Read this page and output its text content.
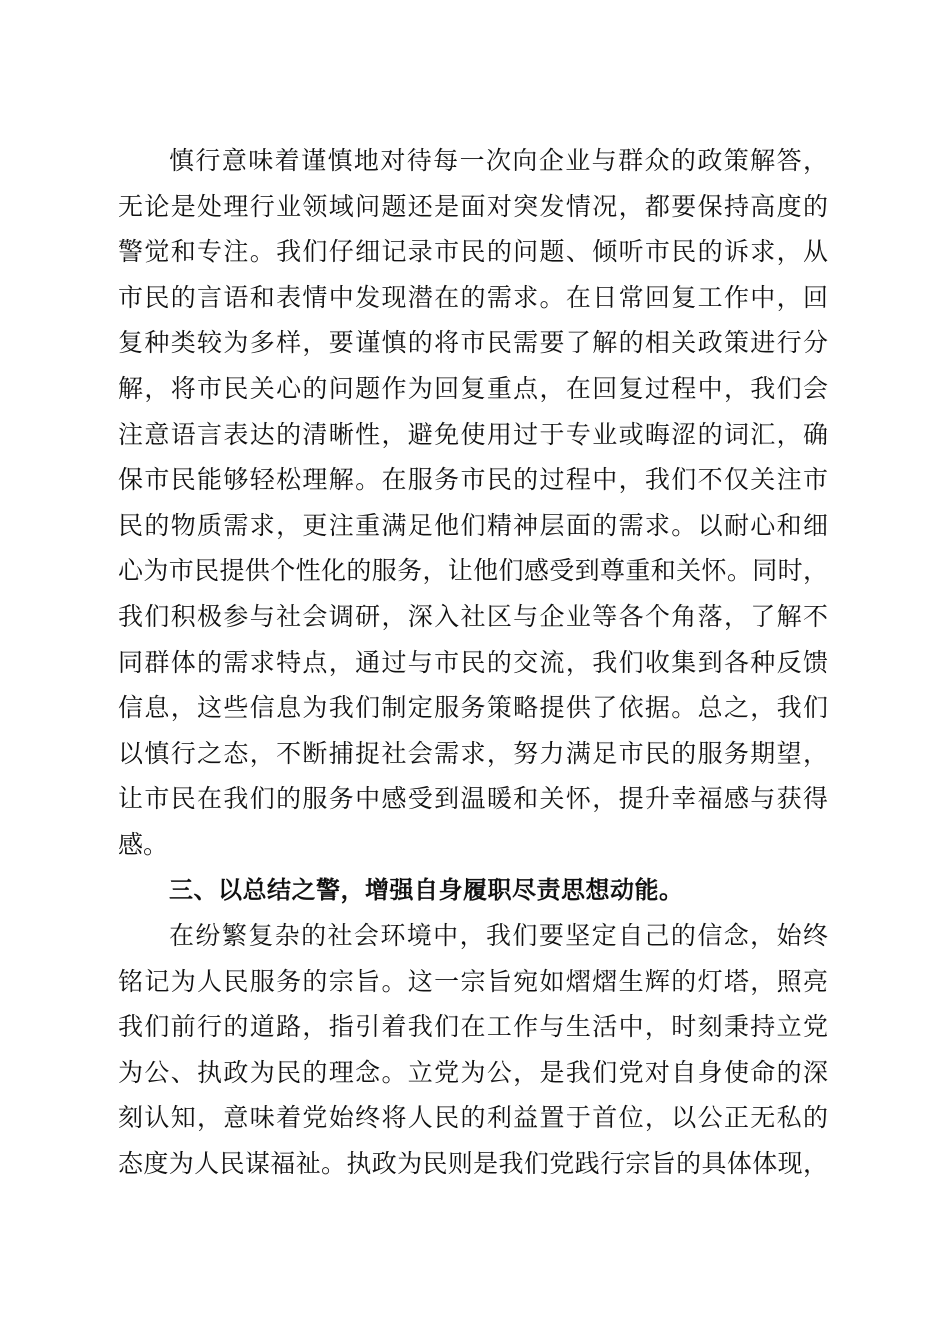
慎行意味着谨慎地对待每一次向企业与群众的政策解答，
无论是处理行业领域问题还是面对突发情况，都要保持高度的
警觉和专注。我们仔细记录市民的问题、倾听市民的诉求，从
市民的言语和表情中发现潜在的需求。在日常回复工作中，回
复种类较为多样，要谨慎的将市民需要了解的相关政策进行分
解，将市民关心的问题作为回复重点，在回复过程中，我们会
注意语言表达的清晰性，避免使用过于专业或晦涩的词汇，确
保市民能够轻松理解。在服务市民的过程中，我们不仅关注市
民的物质需求，更注重满足他们精神层面的需求。以耐心和细
心为市民提供个性化的服务，让他们感受到尊重和关怀。同时，
我们积极参与社会调研，深入社区与企业等各个角落，了解不
同群体的需求特点，通过与市民的交流，我们收集到各种反馈
信息，这些信息为我们制定服务策略提供了依据。总之，我们
以慎行之态，不断捕捉社会需求，努力满足市民的服务期望，
让市民在我们的服务中感受到温暖和关怀，提升幸福感与获得
感。
三、以总结之警，增强自身履职尽责思想动能。
在纷繁复杂的社会环境中，我们要坚定自己的信念，始终
铭记为人民服务的宗旨。这一宗旨宛如熠熠生辉的灯塔，照亮
我们前行的道路，指引着我们在工作与生活中，时刻秉持立党
为公、执政为民的理念。立党为公，是我们党对自身使命的深
刻认知，意味着党始终将人民的利益置于首位，以公正无私的
态度为人民谋福祉。执政为民则是我们党践行宗旨的具体体现，
